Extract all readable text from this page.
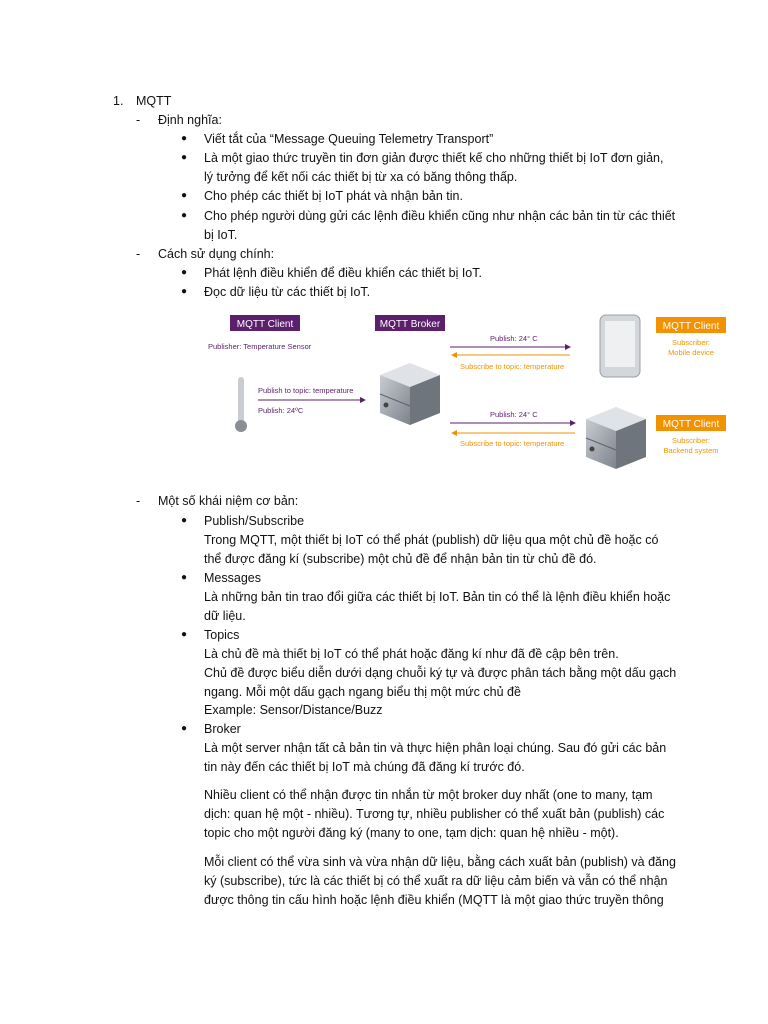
1. MQTT
- Định nghĩa:
● Viết tắt của “Message Queuing Telemetry Transport”
● Là một giao thức truyền tin đơn giản được thiết kế cho những thiết bị IoT đơn giản,
lý tưởng để kết nối các thiết bị từ xa có băng thông thấp.
● Cho phép các thiết bị IoT phát và nhận bản tin.
● Cho phép người dùng gửi các lệnh điều khiển cũng như nhận các bản tin từ các thiết
bị IoT.
- Cách sử dụng chính:
● Phát lệnh điều khiển để điều khiển các thiết bị IoT.
● Đọc dữ liệu từ các thiết bị IoT.
MQTT Client
Publisher: Temperature Sensor
Publish to topic: temperature
Publish: 24ºC
MQTT Broker
Publish: 24° C
Subscribe to topic: temperature
MQTT Client
Subscriber:
Mobile device
Publish: 24° C
Subscribe to topic: temperature
MQTT Client
Subscriber:
Backend system
- Một số khái niệm cơ bản:
● Publish/Subscribe
Trong MQTT, một thiết bị IoT có thể phát (publish) dữ liệu qua một chủ đề hoặc có
thể được đăng kí (subscribe) một chủ đề để nhận bản tin từ chủ đề đó.
● Messages
Là những bản tin trao đổi giữa các thiết bị IoT. Bản tin có thể là lệnh điều khiển hoặc
dữ liệu.
● Topics
Là chủ đề mà thiết bị IoT có thể phát hoặc đăng kí như đã đề cập bên trên.
Chủ đề được biểu diễn dưới dạng chuỗi ký tự và được phân tách bằng một dấu gạch
ngang. Mỗi một dấu gạch ngang biểu thị một mức chủ đề
Example: Sensor/Distance/Buzz
● Broker
Là một server nhận tất cả bản tin và thực hiện phân loại chúng. Sau đó gửi các bản
tin này đến các thiết bị IoT mà chúng đã đăng kí trước đó.
Nhiều client có thể nhận được tin nhắn từ một broker duy nhất (one to many, tạm
dịch: quan hệ một - nhiều). Tương tự, nhiều publisher có thể xuất bản (publish) các
topic cho một người đăng ký (many to one, tạm dịch: quan hệ nhiều - một).
Mỗi client có thể vừa sinh và vừa nhận dữ liệu, bằng cách xuất bản (publish) và đăng
ký (subscribe), tức là các thiết bị có thể xuất ra dữ liệu cảm biến và vẫn có thể nhận
được thông tin cấu hình hoặc lệnh điều khiển (MQTT là một giao thức truyền thông
